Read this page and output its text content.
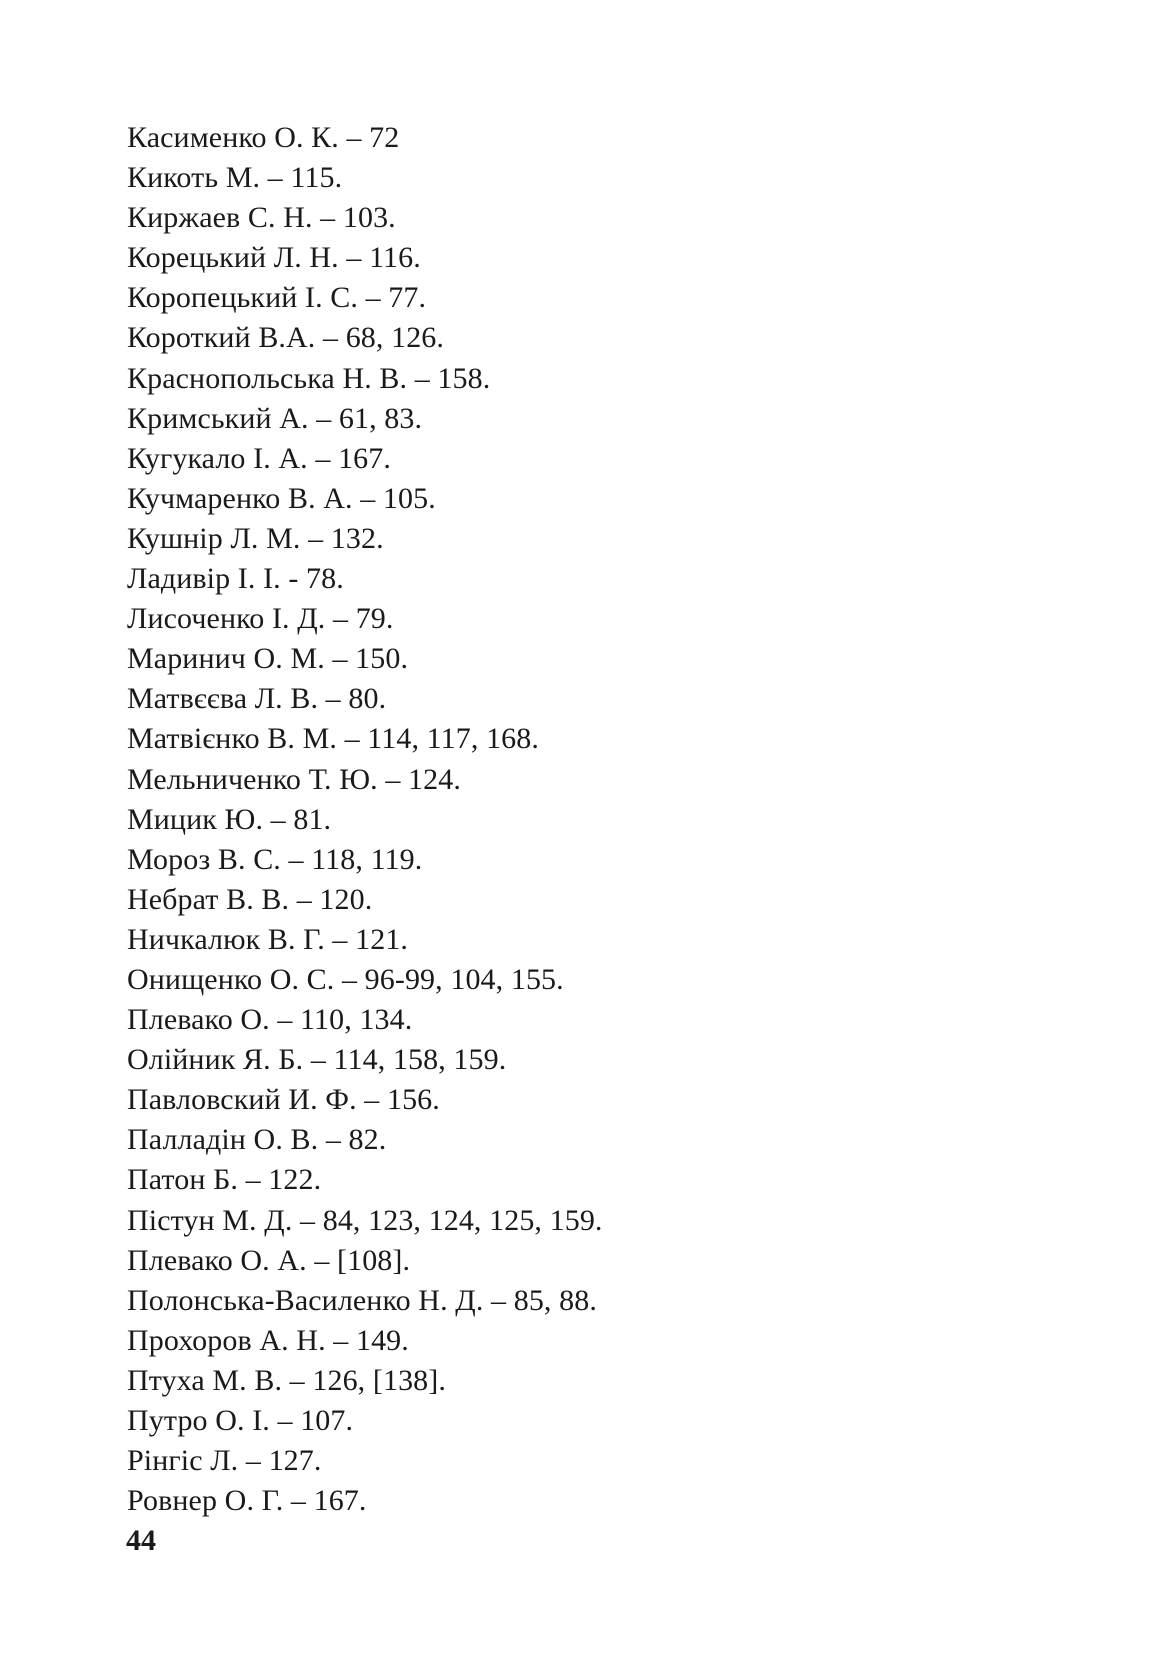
Касименко О. К. – 72
Кикоть М. – 115.
Киржаев С. Н. – 103.
Корецький Л. Н. – 116.
Коропецький І. С. – 77.
Короткий В.А. – 68, 126.
Краснопольська Н. В. – 158.
Кримський А. – 61, 83.
Кугукало І. А. – 167.
Кучмаренко В. А. – 105.
Кушнір Л. М. – 132.
Ладивір І. І. - 78.
Лисоченко І. Д. – 79.
Маринич О. М. – 150.
Матвєєва Л. В. – 80.
Матвієнко В. М. – 114, 117, 168.
Мельниченко Т. Ю. – 124.
Мицик Ю. – 81.
Мороз В. С. – 118, 119.
Небрат В. В. – 120.
Ничкалюк В. Г. – 121.
Онищенко О. С. – 96-99, 104, 155.
Плевако О. – 110, 134.
Олійник Я. Б. – 114, 158, 159.
Павловский И. Ф. – 156.
Палладін О. В. – 82.
Патон Б. – 122.
Пістун М. Д. – 84, 123, 124, 125, 159.
Плевако О. А. – [108].
Полонська-Василенко Н. Д. – 85, 88.
Прохоров А. Н. – 149.
Птуха М. В. – 126, [138].
Путро О. І. – 107.
Рінгіс Л. – 127.
Ровнер О. Г. – 167.
44
